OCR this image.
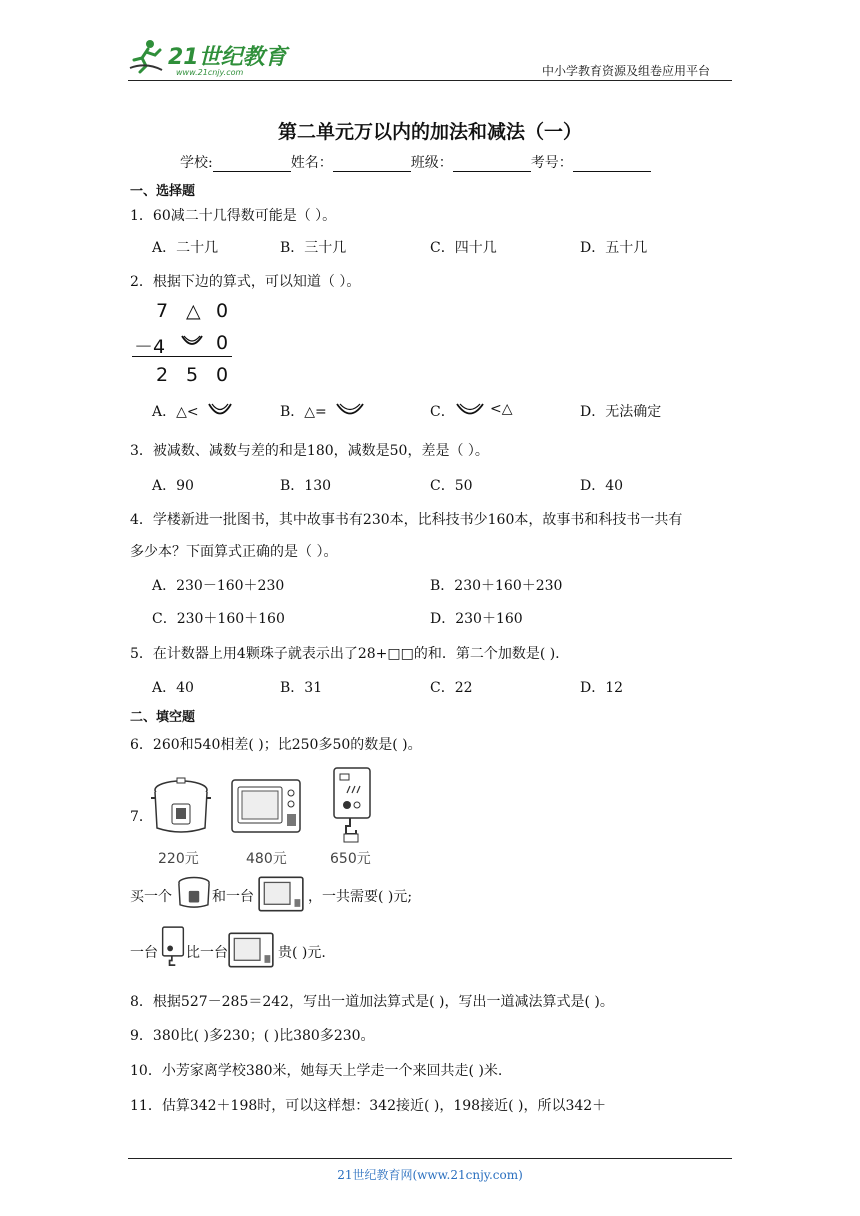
21世纪教育
www.21cnjy.com	中小学教育资源及组卷应用平台
第二单元万以内的加法和减法（一）
学校:	姓名：	班级：	考号：
一、选择题
1．60减二十几得数可能是（ ）。
A．二十几	B．三十几	C．四十几	D．五十几
2．根据下边的算式，可以知道（ ）。
7 △ 0
－4	0
2 5 0
A．△<	B．△=	C．	<△	D．无法确定
3．被减数、减数与差的和是180，减数是50，差是（ ）。
A．90	B．130	C．50	D．40
4．学楼新进一批图书，其中故事书有230本，比科技书少160本，故事书和科技书一共有
多少本？下面算式正确的是（ ）。
A．230－160＋230	B．230＋160＋230
C．230＋160＋160	D．230＋160
5．在计数器上用4颗珠子就表示出了28+□□的和．第二个加数是( ).
A．40	B．31	C．22	D．12
二、填空题
6．260和540相差( )；比250多50的数是( )。
7．
220元	480元	650元
买一个	和一台	，一共需要( )元;
一台 比一台	贵( )元.
8．根据527－285＝242，写出一道加法算式是( )，写出一道减法算式是( )。
9．380比( )多230；( )比380多230。
10．小芳家离学校380米，她每天上学走一个来回共走( )米.
11．估算342＋198时，可以这样想：342接近( )，198接近( )，所以342＋
21世纪教育网(www.21cnjy.com)
